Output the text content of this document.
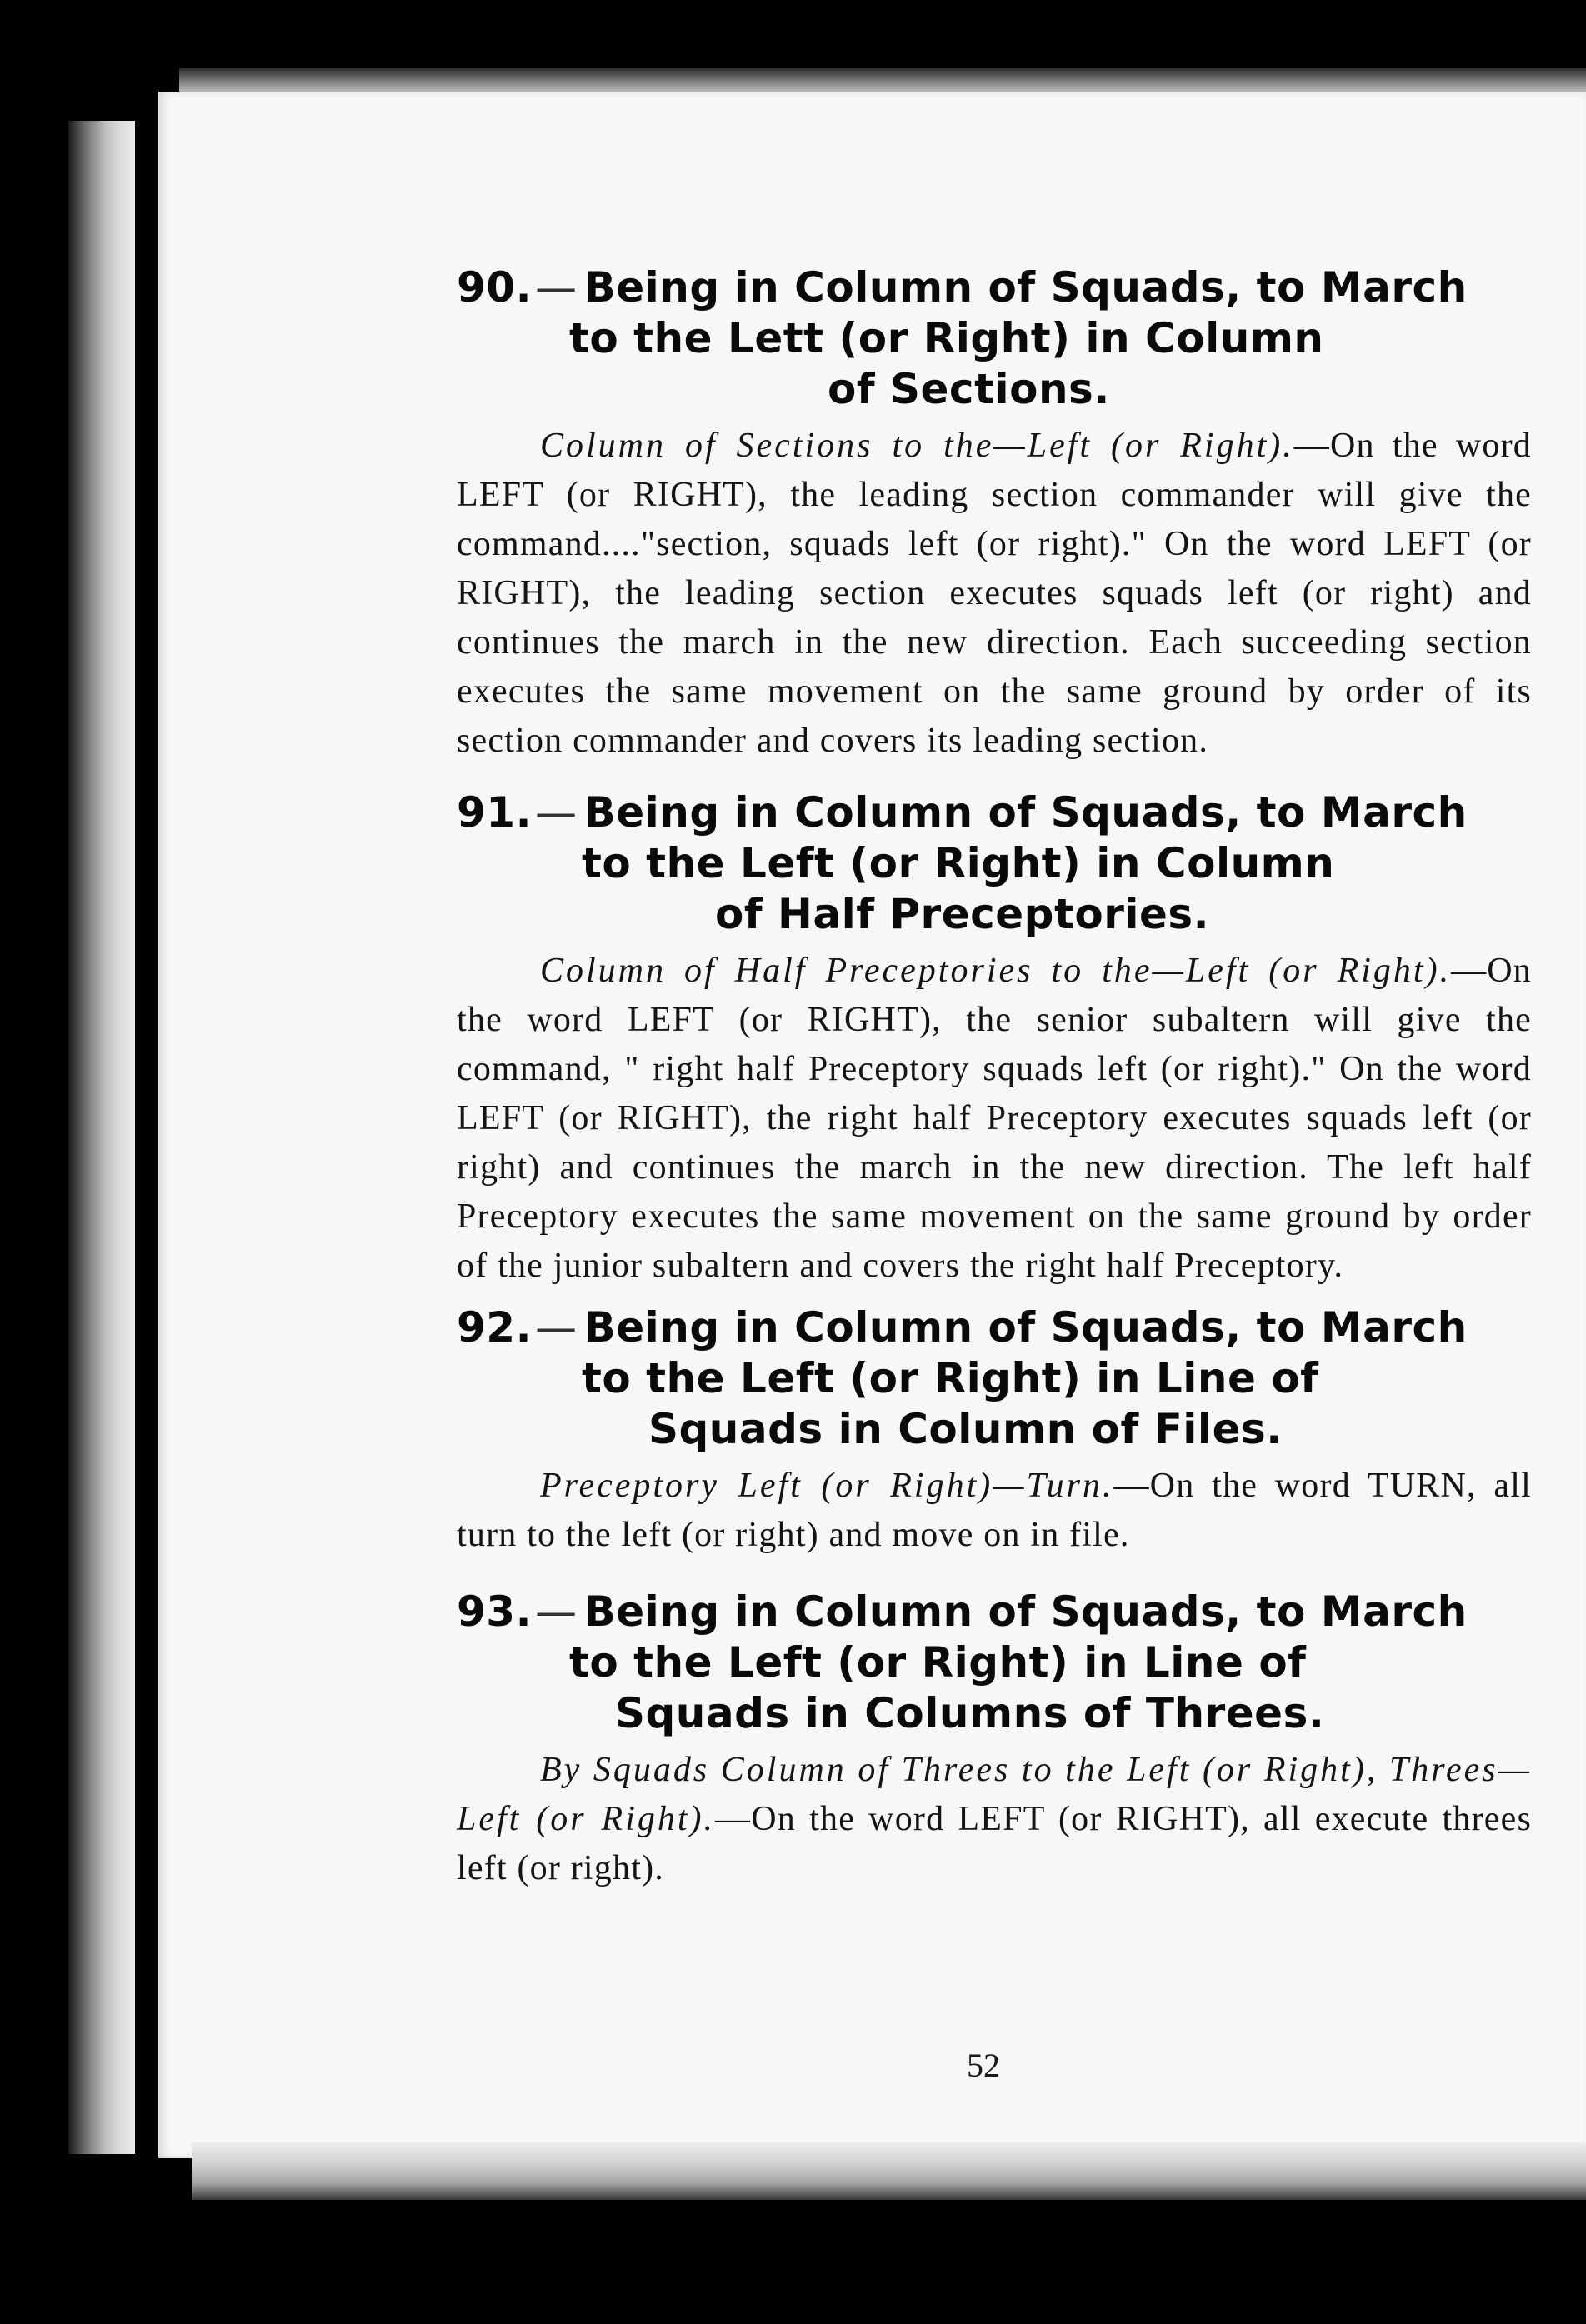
90.— Being in Column of Squads, to March
to the Lett (or Right) in Column
of Sections.

Column of Sections to the—Left (or Right).—On the word LEFT (or RIGHT), the leading section commander will give the command...."section, squads left (or right)." On the word LEFT (or RIGHT), the leading section executes squads left (or right) and continues the march in the new direction. Each succeeding section executes the same movement on the same ground by order of its section commander and covers its leading section.

91.— Being in Column of Squads, to March
to the Left (or Right) in Column
of Half Preceptories.

Column of Half Preceptories to the—Left (or Right).—On the word LEFT (or RIGHT), the senior subaltern will give the command, " right half Preceptory squads left (or right)." On the word LEFT (or RIGHT), the right half Preceptory executes squads left (or right) and continues the march in the new direction. The left half Preceptory executes the same movement on the same ground by order of the junior subaltern and covers the right half Preceptory.

92.— Being in Column of Squads, to March
to the Left (or Right) in Line of
Squads in Column of Files.

Preceptory Left (or Right)—Turn.—On the word TURN, all turn to the left (or right) and move on in file.

93.— Being in Column of Squads, to March
to the Left (or Right) in Line of
Squads in Columns of Threes.

By Squads Column of Threes to the Left (or Right), Threes—Left (or Right).—On the word LEFT (or RIGHT), all execute threes left (or right).

52
